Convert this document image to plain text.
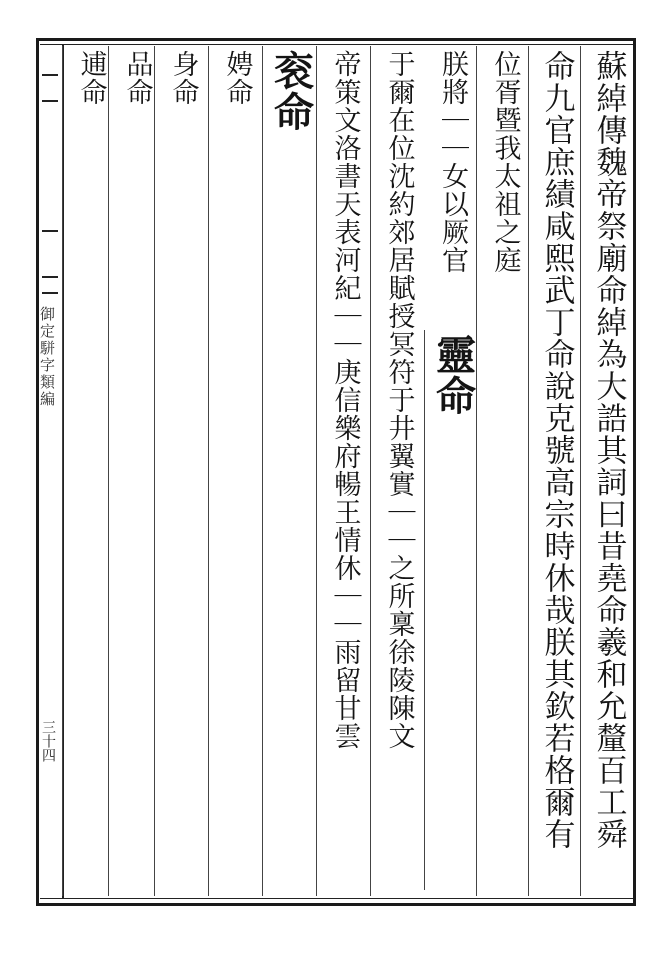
御定駢字類編
三十四	蘇綽傳魏帝祭廟命綽為大誥其詞曰昔堯命羲和允釐百工舜
命九官庶績咸熙武丁命說克號高宗時休哉朕其欽若格爾有
位胥暨我太祖之庭
朕將｜｜女以厥官
靈命
于爾在位沈約郊居賦授冥符于井翼實｜｜之所稟徐陵陳文
帝策文洛書天表河紀｜｜庚信樂府暢王情休｜｜雨留甘雲
衮命
娉命
身命
品命
逋命
